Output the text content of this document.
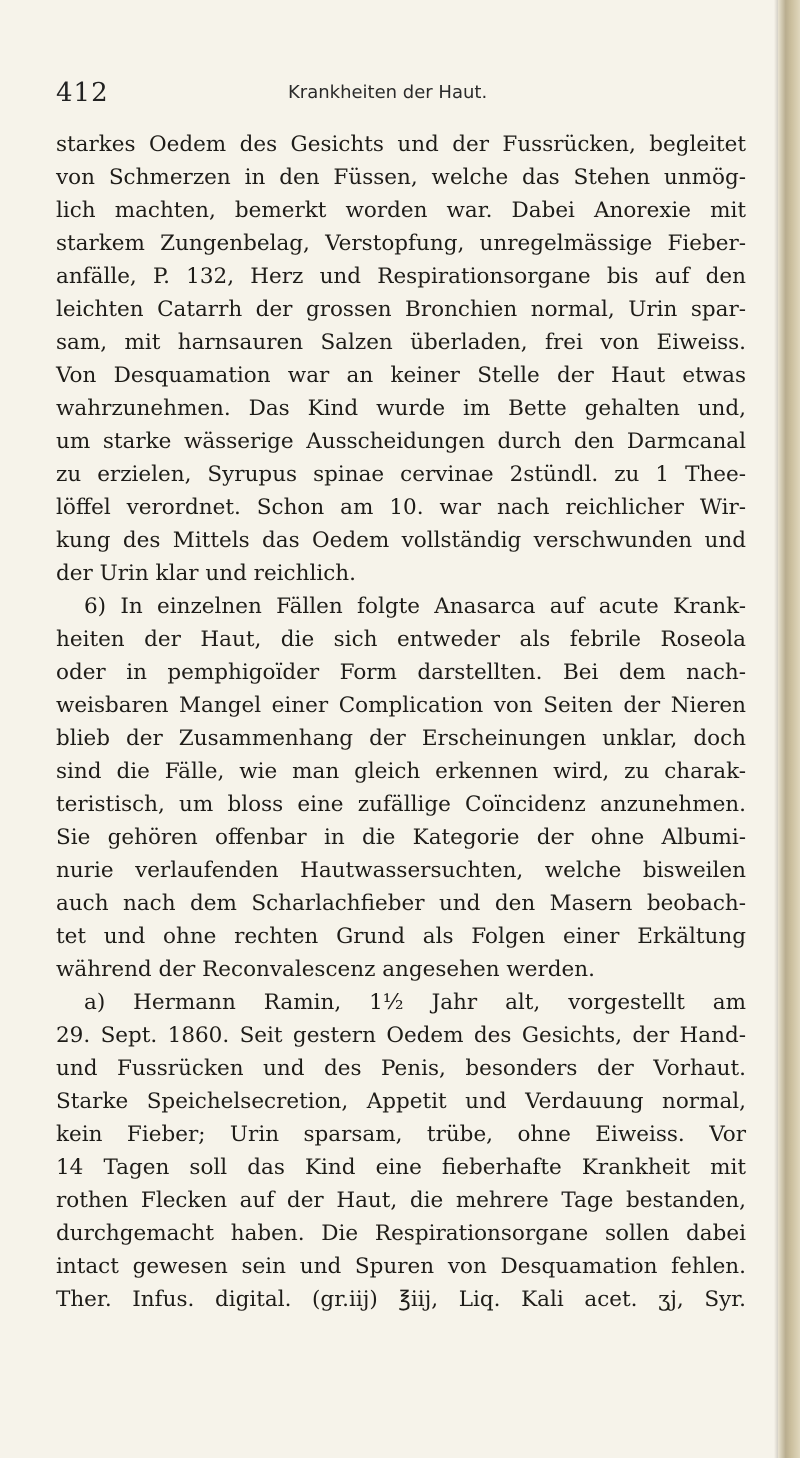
412	Krankheiten der Haut.
starkes Oedem des Gesichts und der Fussrücken, begleitet
von Schmerzen in den Füssen, welche das Stehen unmög-
lich machten, bemerkt worden war. Dabei Anorexie mit
starkem Zungenbelag, Verstopfung, unregelmässige Fieber-
anfälle, P. 132, Herz und Respirationsorgane bis auf den
leichten Catarrh der grossen Bronchien normal, Urin spar-
sam, mit harnsauren Salzen überladen, frei von Eiweiss.
Von Desquamation war an keiner Stelle der Haut etwas
wahrzunehmen. Das Kind wurde im Bette gehalten und,
um starke wässerige Ausscheidungen durch den Darmcanal
zu erzielen, Syrupus spinae cervinae 2stündl. zu 1 Thee-
löffel verordnet. Schon am 10. war nach reichlicher Wir-
kung des Mittels das Oedem vollständig verschwunden und
der Urin klar und reichlich.
6) In einzelnen Fällen folgte Anasarca auf acute Krank-
heiten der Haut, die sich entweder als febrile Roseola
oder in pemphigoïder Form darstellten. Bei dem nach-
weisbaren Mangel einer Complication von Seiten der Nieren
blieb der Zusammenhang der Erscheinungen unklar, doch
sind die Fälle, wie man gleich erkennen wird, zu charak-
teristisch, um bloss eine zufällige Coïncidenz anzunehmen.
Sie gehören offenbar in die Kategorie der ohne Albumi-
nurie verlaufenden Hautwassersuchten, welche bisweilen
auch nach dem Scharlachfieber und den Masern beobach-
tet und ohne rechten Grund als Folgen einer Erkältung
während der Reconvalescenz angesehen werden.
a) Hermann Ramin, 1½ Jahr alt, vorgestellt am
29. Sept. 1860. Seit gestern Oedem des Gesichts, der Hand-
und Fussrücken und des Penis, besonders der Vorhaut.
Starke Speichelsecretion, Appetit und Verdauung normal,
kein Fieber; Urin sparsam, trübe, ohne Eiweiss. Vor
14 Tagen soll das Kind eine fieberhafte Krankheit mit
rothen Flecken auf der Haut, die mehrere Tage bestanden,
durchgemacht haben. Die Respirationsorgane sollen dabei
intact gewesen sein und Spuren von Desquamation fehlen.
Ther. Infus. digital. (gr.iij) ℥iij, Liq. Kali acet. ʒj, Syr.
